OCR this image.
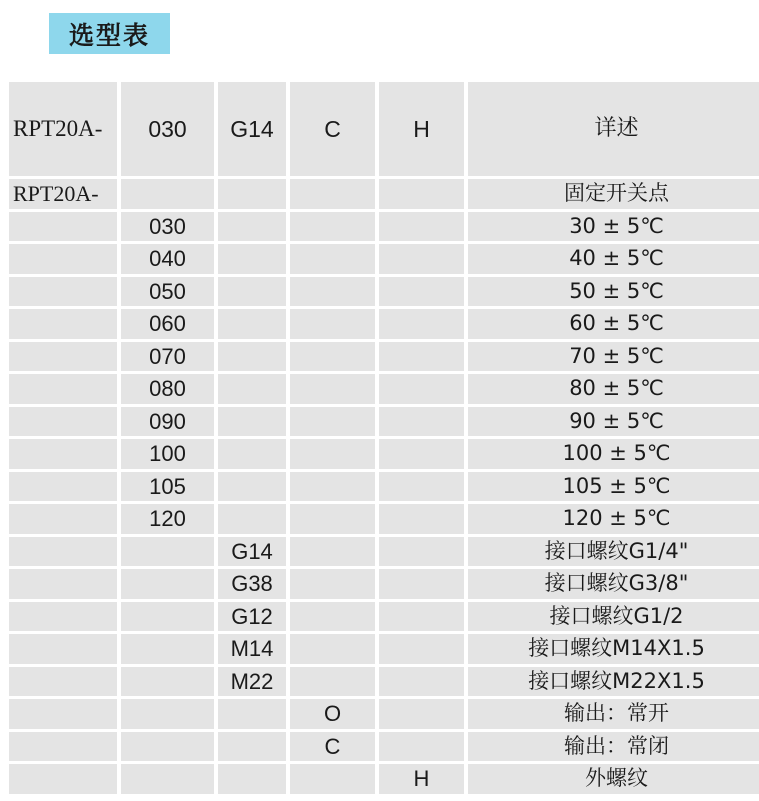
选型表
RPT20A-	030	G14	C	H	详述
RPT20A-					固定开关点
	030				30 ± 5℃
	040				40 ± 5℃
	050				50 ± 5℃
	060				60 ± 5℃
	070				70 ± 5℃
	080				80 ± 5℃
	090				90 ± 5℃
	100				100 ± 5℃
	105				105 ± 5℃
	120				120 ± 5℃
		G14			接口螺纹G1/4"
		G38			接口螺纹G3/8"
		G12			接口螺纹G1/2
		M14			接口螺纹M14X1.5
		M22			接口螺纹M22X1.5
			O		输出：常开
			C		输出：常闭
				H	外螺纹
